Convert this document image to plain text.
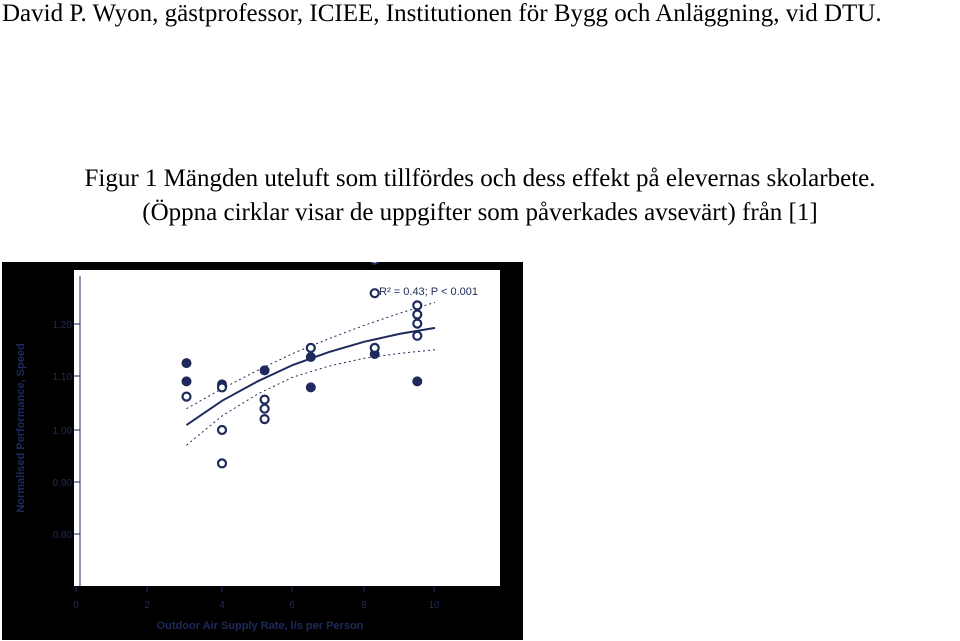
David P. Wyon, gästprofessor, ICIEE, Institutionen för Bygg och Anläggning, vid DTU.
Figur 1 Mängden uteluft som tillfördes och dess effekt på elevernas skolarbete.
(Öppna cirklar visar de uppgifter som påverkades avsevärt) från [1]
1.20
1.10
1.00
0.90
0.80
0	2	4	6	8	10
R² = 0.43; P < 0.001
Normalised Performance, Speed
Outdoor Air Supply Rate, l/s per Person
